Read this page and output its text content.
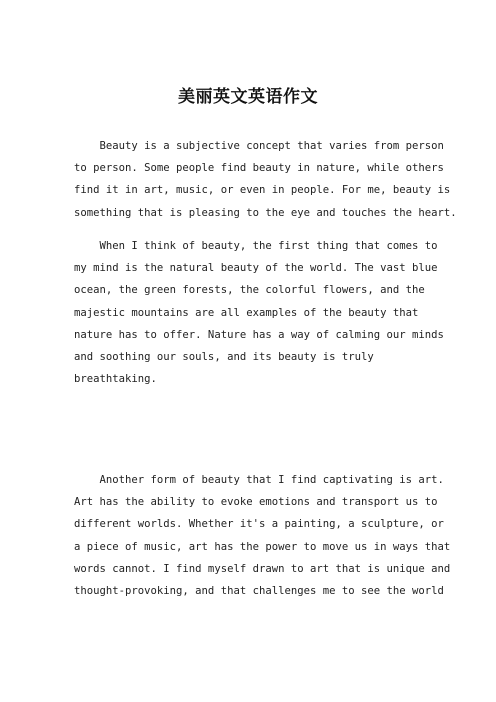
美丽英文英语作文

Beauty is a subjective concept that varies from person
to person. Some people find beauty in nature, while others
find it in art, music, or even in people. For me, beauty is
something that is pleasing to the eye and touches the heart.

When I think of beauty, the first thing that comes to
my mind is the natural beauty of the world. The vast blue
ocean, the green forests, the colorful flowers, and the
majestic mountains are all examples of the beauty that
nature has to offer. Nature has a way of calming our minds
and soothing our souls, and its beauty is truly
breathtaking.

Another form of beauty that I find captivating is art.
Art has the ability to evoke emotions and transport us to
different worlds. Whether it's a painting, a sculpture, or
a piece of music, art has the power to move us in ways that
words cannot. I find myself drawn to art that is unique and
thought-provoking, and that challenges me to see the world
